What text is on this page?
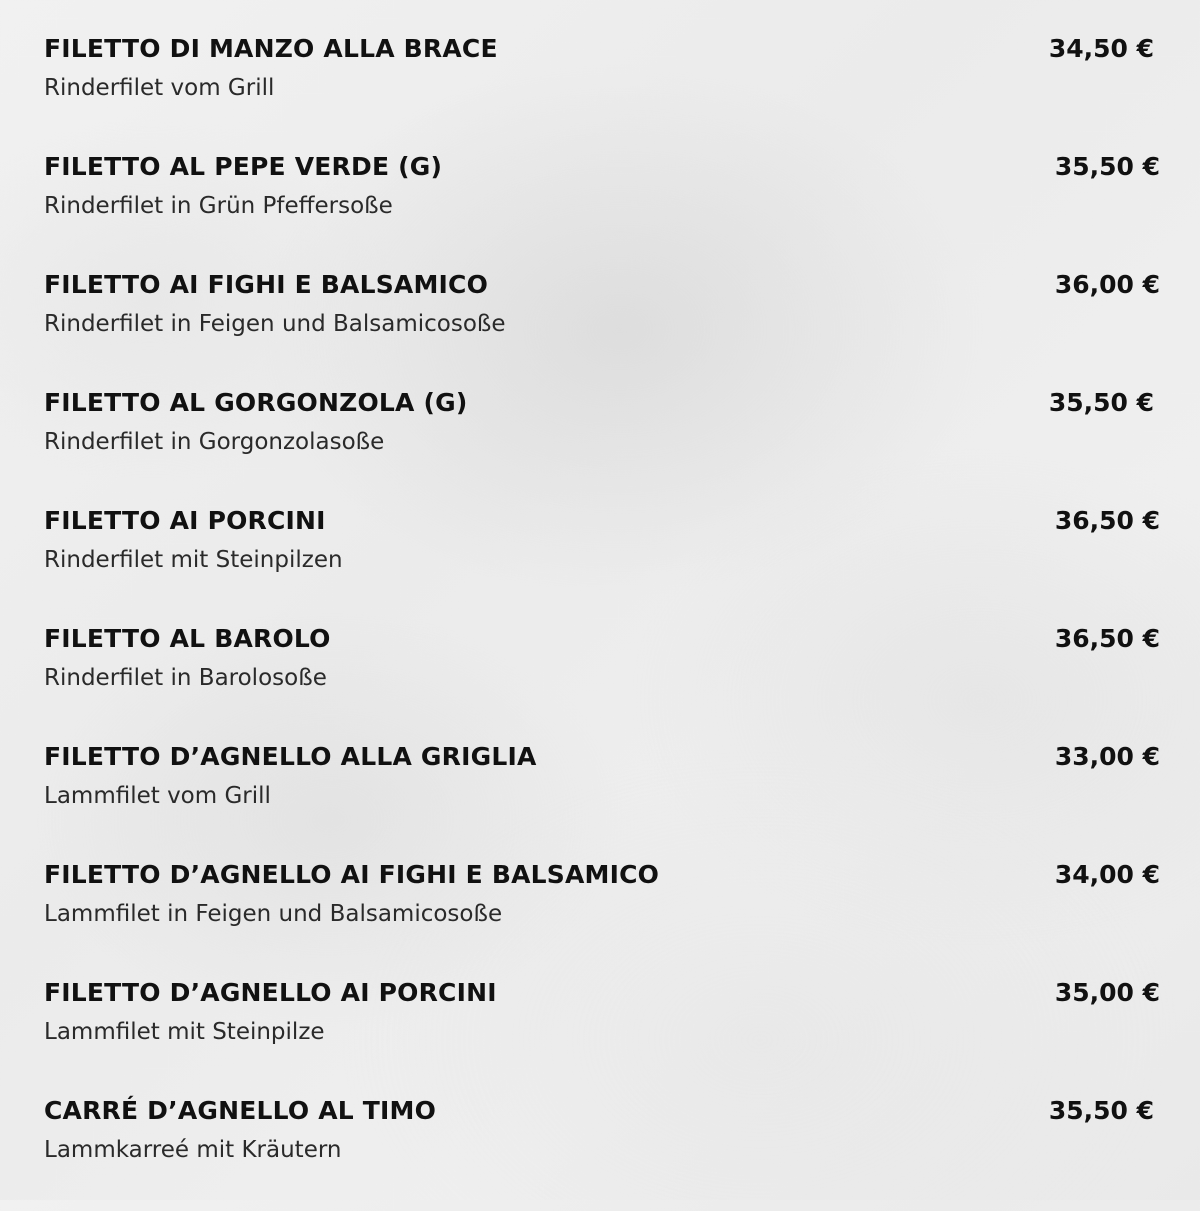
FILETTO DI MANZO ALLA BRACE
Rinderfilet vom Grill
34,50 €
FILETTO AL PEPE VERDE (G)
Rinderfilet in Grün Pfeffersoße
35,50 €
FILETTO AI FIGHI E BALSAMICO
Rinderfilet in Feigen und Balsamicosoße
36,00 €
FILETTO AL GORGONZOLA (G)
Rinderfilet in Gorgonzolasoße
35,50 €
FILETTO AI PORCINI
Rinderfilet mit Steinpilzen
36,50 €
FILETTO AL BAROLO
Rinderfilet in Barolosoße
36,50 €
FILETTO D’AGNELLO ALLA GRIGLIA
Lammfilet vom Grill
33,00 €
FILETTO D’AGNELLO AI FIGHI E BALSAMICO
Lammfilet in Feigen und Balsamicosoße
34,00 €
FILETTO D’AGNELLO AI PORCINI
Lammfilet mit Steinpilze
35,00 €
CARRÉ D’AGNELLO AL TIMO
Lammkarreé mit Kräutern
35,50 €
